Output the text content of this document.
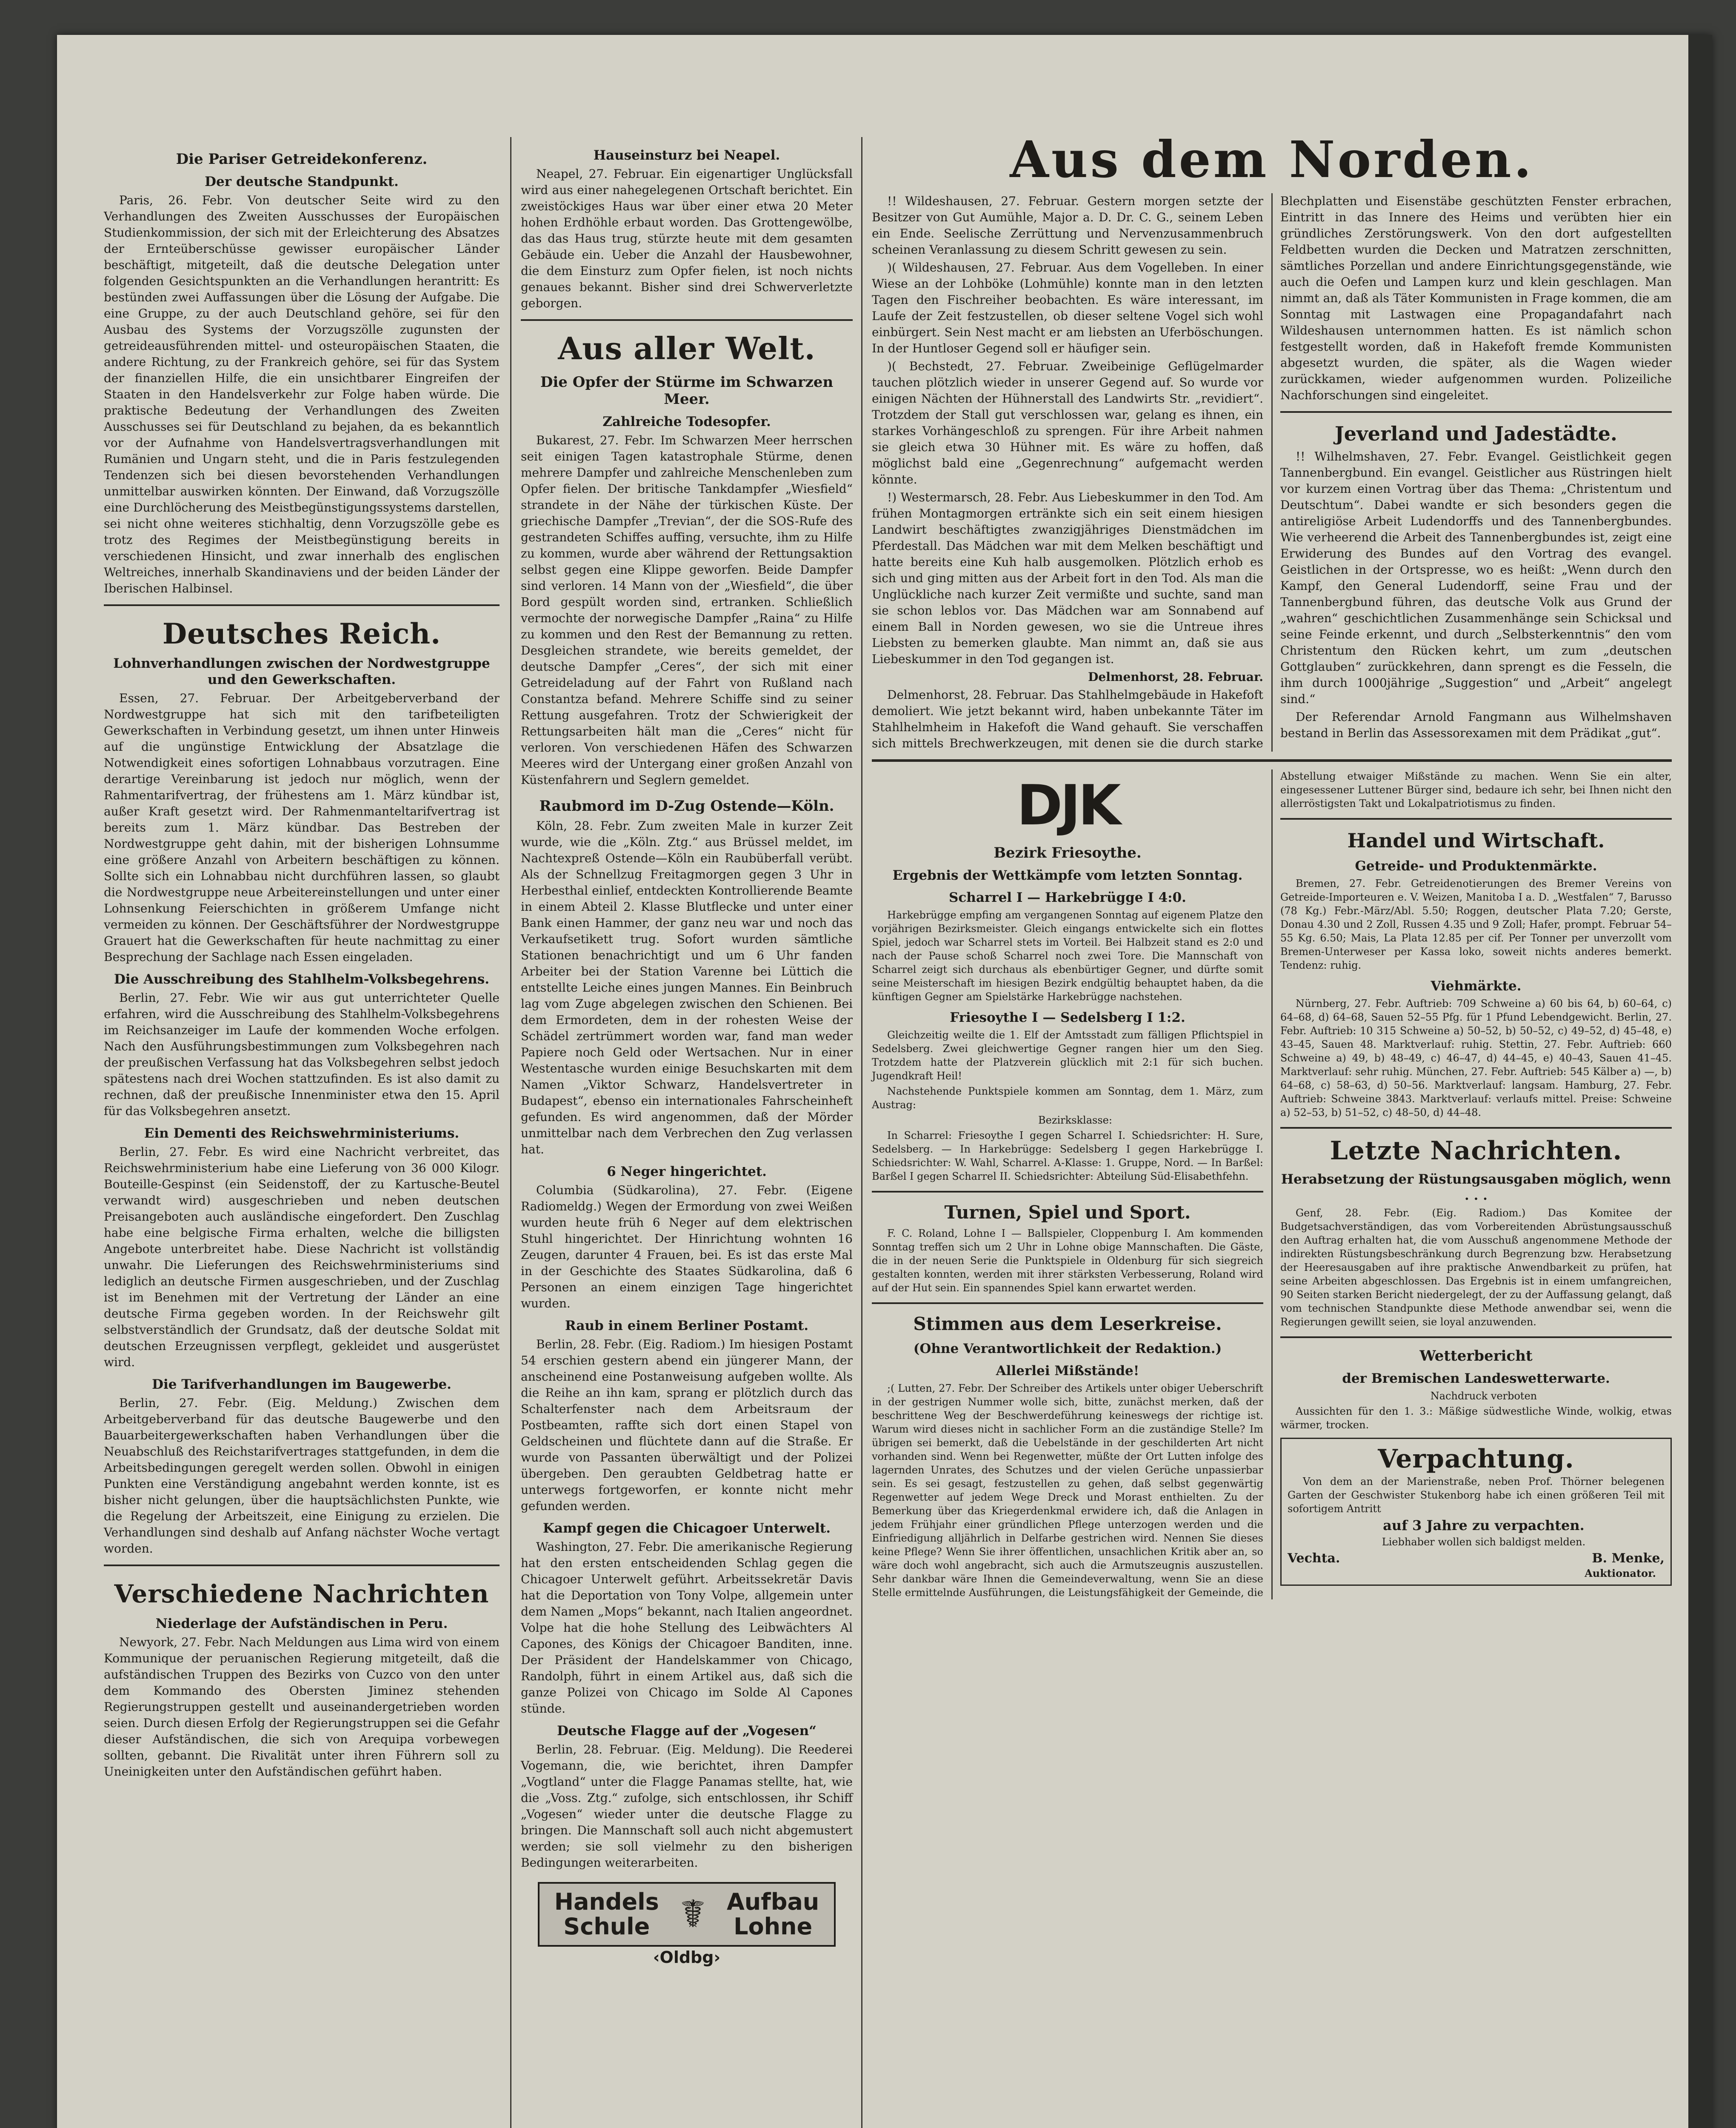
Die Pariser Getreidekonferenz.
Der deutsche Standpunkt.

Paris, 26. Febr. Von deutscher Seite wird zu den Verhandlungen des Zweiten Ausschusses der Europäischen Studienkommission, der sich mit der Erleichterung des Absatzes der Ernteüberschüsse gewisser europäischer Länder beschäftigt, mitgeteilt, daß die deutsche Delegation unter folgenden Gesichtspunkten an die Verhandlungen herantritt: Es bestünden zwei Auffassungen über die Lösung der Aufgabe. Die eine Gruppe, zu der auch Deutschland gehöre, sei für den Ausbau des Systems der Vorzugszölle zugunsten der getreideausführenden mittel- und osteuropäischen Staaten, die andere Richtung, zu der Frankreich gehöre, sei für das System der finanziellen Hilfe, die ein unsichtbarer Eingreifen der Staaten in den Handelsverkehr zur Folge haben würde. Die praktische Bedeutung der Verhandlungen des Zweiten Ausschusses sei für Deutschland zu bejahen, da es bekanntlich vor der Aufnahme von Handelsvertragsverhandlungen mit Rumänien und Ungarn steht, und die in Paris festzulegenden Tendenzen sich bei diesen bevorstehenden Verhandlungen unmittelbar auswirken könnten. Der Einwand, daß Vorzugszölle eine Durchlöcherung des Meistbegünstigungssystems darstellen, sei nicht ohne weiteres stichhaltig, denn Vorzugszölle gebe es trotz des Regimes der Meistbegünstigung bereits in verschiedenen Hinsicht, und zwar innerhalb des englischen Weltreiches, innerhalb Skandinaviens und der beiden Länder der Iberischen Halbinsel.

Deutsches Reich.
Lohnverhandlungen zwischen der Nordwestgruppe und den Gewerkschaften.

Essen, 27. Februar. Der Arbeitgeberverband der Nordwestgruppe hat sich mit den tarifbeteiligten Gewerkschaften in Verbindung gesetzt, um ihnen unter Hinweis auf die ungünstige Entwicklung der Absatzlage die Notwendigkeit eines sofortigen Lohnabbaus vorzutragen. Eine derartige Vereinbarung ist jedoch nur möglich, wenn der Rahmentarifvertrag, der frühestens am 1. März kündbar ist, außer Kraft gesetzt wird. Der Rahmenmanteltarifvertrag ist bereits zum 1. März kündbar. Das Bestreben der Nordwestgruppe geht dahin, mit der bisherigen Lohnsumme eine größere Anzahl von Arbeitern beschäftigen zu können. Sollte sich ein Lohnabbau nicht durchführen lassen, so glaubt die Nordwestgruppe neue Arbeitereinstellungen und unter einer Lohnsenkung Feierschichten in größerem Umfange nicht vermeiden zu können. Der Geschäftsführer der Nordwestgruppe Grauert hat die Gewerkschaften für heute nachmittag zu einer Besprechung der Sachlage nach Essen eingeladen.

Die Ausschreibung des Stahlhelm-Volksbegehrens.

Berlin, 27. Febr. Wie wir aus gut unterrichteter Quelle erfahren, wird die Ausschreibung des Stahlhelm-Volksbegehrens im Reichsanzeiger im Laufe der kommenden Woche erfolgen. Nach den Ausführungsbestimmungen zum Volksbegehren nach der preußischen Verfassung hat das Volksbegehren selbst jedoch spätestens nach drei Wochen stattzufinden. Es ist also damit zu rechnen, daß der preußische Innenminister etwa den 15. April für das Volksbegehren ansetzt.

Ein Dementi des Reichswehrministeriums.

Berlin, 27. Febr. Es wird eine Nachricht verbreitet, das Reichswehrministerium habe eine Lieferung von 36 000 Kilogr. Bouteille-Gespinst (ein Seidenstoff, der zu Kartusche-Beutel verwandt wird) ausgeschrieben und neben deutschen Preisangeboten auch ausländische eingefordert. Den Zuschlag habe eine belgische Firma erhalten, welche die billigsten Angebote unterbreitet habe. Diese Nachricht ist vollständig unwahr. Die Lieferungen des Reichswehrministeriums sind lediglich an deutsche Firmen ausgeschrieben, und der Zuschlag ist im Benehmen mit der Vertretung der Länder an eine deutsche Firma gegeben worden. In der Reichswehr gilt selbstverständlich der Grundsatz, daß der deutsche Soldat mit deutschen Erzeugnissen verpflegt, gekleidet und ausgerüstet wird.

Die Tarifverhandlungen im Baugewerbe.

Berlin, 27. Febr. (Eig. Meldung.) Zwischen dem Arbeitgeberverband für das deutsche Baugewerbe und den Bauarbeitergewerkschaften haben Verhandlungen über die Neuabschluß des Reichstarifvertrages stattgefunden, in dem die Arbeitsbedingungen geregelt werden sollen. Obwohl in einigen Punkten eine Verständigung angebahnt werden konnte, ist es bisher nicht gelungen, über die hauptsächlichsten Punkte, wie die Regelung der Arbeitszeit, eine Einigung zu erzielen. Die Verhandlungen sind deshalb auf Anfang nächster Woche vertagt worden.

Verschiedene Nachrichten
Niederlage der Aufständischen in Peru.

Newyork, 27. Febr. Nach Meldungen aus Lima wird von einem Kommunique der peruanischen Regierung mitgeteilt, daß die aufständischen Truppen des Bezirks von Cuzco von den unter dem Kommando des Obersten Jiminez stehenden Regierungstruppen gestellt und auseinandergetrieben worden seien. Durch diesen Erfolg der Regierungstruppen sei die Gefahr dieser Aufständischen, die sich von Arequipa vorbewegen sollten, gebannt. Die Rivalität unter ihren Führern soll zu Uneinigkeiten unter den Aufständischen geführt haben.

Hauseinsturz bei Neapel.

Neapel, 27. Februar. Ein eigenartiger Unglücksfall wird aus einer nahegelegenen Ortschaft berichtet. Ein zweistöckiges Haus war über einer etwa 20 Meter hohen Erdhöhle erbaut worden. Das Grottengewölbe, das das Haus trug, stürzte heute mit dem gesamten Gebäude ein. Ueber die Anzahl der Hausbewohner, die dem Einsturz zum Opfer fielen, ist noch nichts genaues bekannt. Bisher sind drei Schwerverletzte geborgen.

Aus aller Welt.
Die Opfer der Stürme im Schwarzen Meer.
Zahlreiche Todesopfer.

Bukarest, 27. Febr. Im Schwarzen Meer herrschen seit einigen Tagen katastrophale Stürme, denen mehrere Dampfer und zahlreiche Menschenleben zum Opfer fielen. Der britische Tankdampfer „Wiesfield“ strandete in der Nähe der türkischen Küste. Der griechische Dampfer „Trevian“, der die SOS-Rufe des gestrandeten Schiffes auffing, versuchte, ihm zu Hilfe zu kommen, wurde aber während der Rettungsaktion selbst gegen eine Klippe geworfen. Beide Dampfer sind verloren. 14 Mann von der „Wiesfield“, die über Bord gespült worden sind, ertranken. Schließlich vermochte der norwegische Dampfer „Raina“ zu Hilfe zu kommen und den Rest der Bemannung zu retten. Desgleichen strandete, wie bereits gemeldet, der deutsche Dampfer „Ceres“, der sich mit einer Getreideladung auf der Fahrt von Rußland nach Constantza befand. Mehrere Schiffe sind zu seiner Rettung ausgefahren. Trotz der Schwierigkeit der Rettungsarbeiten hält man die „Ceres“ nicht für verloren. Von verschiedenen Häfen des Schwarzen Meeres wird der Untergang einer großen Anzahl von Küstenfahrern und Seglern gemeldet.

Raubmord im D-Zug Ostende—Köln.

Köln, 28. Febr. Zum zweiten Male in kurzer Zeit wurde, wie die „Köln. Ztg.“ aus Brüssel meldet, im Nachtexpreß Ostende—Köln ein Raubüberfall verübt. Als der Schnellzug Freitagmorgen gegen 3 Uhr in Herbesthal einlief, entdeckten Kontrollierende Beamte in einem Abteil 2. Klasse Blutflecke und unter einer Bank einen Hammer, der ganz neu war und noch das Verkaufsetikett trug. Sofort wurden sämtliche Stationen benachrichtigt und um 6 Uhr fanden Arbeiter bei der Station Varenne bei Lüttich die entstellte Leiche eines jungen Mannes. Ein Beinbruch lag vom Zuge abgelegen zwischen den Schienen. Bei dem Ermordeten, dem in der rohesten Weise der Schädel zertrümmert worden war, fand man weder Papiere noch Geld oder Wertsachen. Nur in einer Westentasche wurden einige Besuchskarten mit dem Namen „Viktor Schwarz, Handelsvertreter in Budapest“, ebenso ein internationales Fahrscheinheft gefunden. Es wird angenommen, daß der Mörder unmittelbar nach dem Verbrechen den Zug verlassen hat.

6 Neger hingerichtet.

Columbia (Südkarolina), 27. Febr. (Eigene Radiomeldg.) Wegen der Ermordung von zwei Weißen wurden heute früh 6 Neger auf dem elektrischen Stuhl hingerichtet. Der Hinrichtung wohnten 16 Zeugen, darunter 4 Frauen, bei. Es ist das erste Mal in der Geschichte des Staates Südkarolina, daß 6 Personen an einem einzigen Tage hingerichtet wurden.

Raub in einem Berliner Postamt.

Berlin, 28. Febr. (Eig. Radiom.) Im hiesigen Postamt 54 erschien gestern abend ein jüngerer Mann, der anscheinend eine Postanweisung aufgeben wollte. Als die Reihe an ihn kam, sprang er plötzlich durch das Schalterfenster nach dem Arbeitsraum der Postbeamten, raffte sich dort einen Stapel von Geldscheinen und flüchtete dann auf die Straße. Er wurde von Passanten überwältigt und der Polizei übergeben. Den geraubten Geldbetrag hatte er unterwegs fortgeworfen, er konnte nicht mehr gefunden werden.

Kampf gegen die Chicagoer Unterwelt.

Washington, 27. Febr. Die amerikanische Regierung hat den ersten entscheidenden Schlag gegen die Chicagoer Unterwelt geführt. Arbeitssekretär Davis hat die Deportation von Tony Volpe, allgemein unter dem Namen „Mops“ bekannt, nach Italien angeordnet. Volpe hat die hohe Stellung des Leibwächters Al Capones, des Königs der Chicagoer Banditen, inne. Der Präsident der Handelskammer von Chicago, Randolph, führt in einem Artikel aus, daß sich die ganze Polizei von Chicago im Solde Al Capones stünde.

Deutsche Flagge auf der „Vogesen“

Berlin, 28. Februar. (Eig. Meldung). Die Reederei Vogemann, die, wie berichtet, ihren Dampfer „Vogtland“ unter die Flagge Panamas stellte, hat, wie die „Voss. Ztg.“ zufolge, sich entschlossen, ihr Schiff „Vogesen“ wieder unter die deutsche Flagge zu bringen. Die Mannschaft soll auch nicht abgemustert werden; sie soll vielmehr zu den bisherigen Bedingungen weiterarbeiten.

Handels
Schule ☤ Aufbau
Lohne
‹Oldbg›
Aus dem Norden.

!! Wildeshausen, 27. Februar. Gestern morgen setzte der Besitzer von Gut Aumühle, Major a. D. Dr. C. G., seinem Leben ein Ende. Seelische Zerrüttung und Nervenzusammenbruch scheinen Veranlassung zu diesem Schritt gewesen zu sein.

)( Wildeshausen, 27. Februar. Aus dem Vogelleben. In einer Wiese an der Lohböke (Lohmühle) konnte man in den letzten Tagen den Fischreiher beobachten. Es wäre interessant, im Laufe der Zeit festzustellen, ob dieser seltene Vogel sich wohl einbürgert. Sein Nest macht er am liebsten an Uferböschungen. In der Huntloser Gegend soll er häufiger sein.

)( Bechstedt, 27. Februar. Zweibeinige Geflügelmarder tauchen plötzlich wieder in unserer Gegend auf. So wurde vor einigen Nächten der Hühnerstall des Landwirts Str. „revidiert“. Trotzdem der Stall gut verschlossen war, gelang es ihnen, ein starkes Vorhängeschloß zu sprengen. Für ihre Arbeit nahmen sie gleich etwa 30 Hühner mit. Es wäre zu hoffen, daß möglichst bald eine „Gegenrechnung“ aufgemacht werden könnte.

!) Westermarsch, 28. Febr. Aus Liebeskummer in den Tod. Am frühen Montagmorgen ertränkte sich ein seit einem hiesigen Landwirt beschäftigtes zwanzigjähriges Dienstmädchen im Pferdestall. Das Mädchen war mit dem Melken beschäftigt und hatte bereits eine Kuh halb ausgemolken. Plötzlich erhob es sich und ging mitten aus der Arbeit fort in den Tod. Als man die Unglückliche nach kurzer Zeit vermißte und suchte, sand man sie schon leblos vor. Das Mädchen war am Sonnabend auf einem Ball in Norden gewesen, wo sie die Untreue ihres Liebsten zu bemerken glaubte. Man nimmt an, daß sie aus Liebeskummer in den Tod gegangen ist.

Delmenhorst, 28. Februar.

Delmenhorst, 28. Februar. Das Stahlhelmgebäude in Hakefoft demoliert. Wie jetzt bekannt wird, haben unbekannte Täter im Stahlhelmheim in Hakefoft die Wand gehauft. Sie verschaffen sich mittels Brechwerkzeugen, mit denen sie die durch starke Blechplatten und Eisenstäbe geschützten Fenster erbrachen, Eintritt in das Innere des Heims und verübten hier ein gründliches Zerstörungswerk. Von den dort aufgestellten Feldbetten wurden die Decken und Matratzen zerschnitten, sämtliches Porzellan und andere Einrichtungsgegenstände, wie auch die Oefen und Lampen kurz und klein geschlagen. Man nimmt an, daß als Täter Kommunisten in Frage kommen, die am Sonntag mit Lastwagen eine Propagandafahrt nach Wildeshausen unternommen hatten. Es ist nämlich schon festgestellt worden, daß in Hakefoft fremde Kommunisten abgesetzt wurden, die später, als die Wagen wieder zurückkamen, wieder aufgenommen wurden. Polizeiliche Nachforschungen sind eingeleitet.

Jeverland und Jadestädte.

!! Wilhelmshaven, 27. Febr. Evangel. Geistlichkeit gegen Tannenbergbund. Ein evangel. Geistlicher aus Rüstringen hielt vor kurzem einen Vortrag über das Thema: „Christentum und Deutschtum“. Dabei wandte er sich besonders gegen die antireligiöse Arbeit Ludendorffs und des Tannenbergbundes. Wie verheerend die Arbeit des Tannenbergbundes ist, zeigt eine Erwiderung des Bundes auf den Vortrag des evangel. Geistlichen in der Ortspresse, wo es heißt: „Wenn durch den Kampf, den General Ludendorff, seine Frau und der Tannenbergbund führen, das deutsche Volk aus Grund der „wahren“ geschichtlichen Zusammenhänge sein Schicksal und seine Feinde erkennt, und durch „Selbsterkenntnis“ den vom Christentum den Rücken kehrt, um zum „deutschen Gottglauben“ zurückkehren, dann sprengt es die Fesseln, die ihm durch 1000jährige „Suggestion“ und „Arbeit“ angelegt sind.“

Der Referendar Arnold Fangmann aus Wilhelmshaven bestand in Berlin das Assessorexamen mit dem Prädikat „gut“.

DJK
Bezirk Friesoythe.
Ergebnis der Wettkämpfe vom letzten Sonntag.
Scharrel I — Harkebrügge I 4:0.

Harkebrügge empfing am vergangenen Sonntag auf eigenem Platze den vorjährigen Bezirksmeister. Gleich eingangs entwickelte sich ein flottes Spiel, jedoch war Scharrel stets im Vorteil. Bei Halbzeit stand es 2:0 und nach der Pause schoß Scharrel noch zwei Tore. Die Mannschaft von Scharrel zeigt sich durchaus als ebenbürtiger Gegner, und dürfte somit seine Meisterschaft im hiesigen Bezirk endgültig behauptet haben, da die künftigen Gegner am Spielstärke Harkebrügge nachstehen.

Friesoythe I — Sedelsberg I 1:2.

Gleichzeitig weilte die 1. Elf der Amtsstadt zum fälligen Pflichtspiel in Sedelsberg. Zwei gleichwertige Gegner rangen hier um den Sieg. Trotzdem hatte der Platzverein glücklich mit 2:1 für sich buchen. Jugendkraft Heil!

Nachstehende Punktspiele kommen am Sonntag, dem 1. März, zum Austrag:

Bezirksklasse:

In Scharrel: Friesoythe I gegen Scharrel I. Schiedsrichter: H. Sure, Sedelsberg. — In Harkebrügge: Sedelsberg I gegen Harkebrügge I. Schiedsrichter: W. Wahl, Scharrel. A-Klasse: 1. Gruppe, Nord. — In Barßel: Barßel I gegen Scharrel II. Schiedsrichter: Abteilung Süd-Elisabethfehn.

Turnen, Spiel und Sport.

F. C. Roland, Lohne I — Ballspieler, Cloppenburg I. Am kommenden Sonntag treffen sich um 2 Uhr in Lohne obige Mannschaften. Die Gäste, die in der neuen Serie die Punktspiele in Oldenburg für sich siegreich gestalten konnten, werden mit ihrer stärksten Verbesserung, Roland wird auf der Hut sein. Ein spannendes Spiel kann erwartet werden.

Stimmen aus dem Leserkreise.
(Ohne Verantwortlichkeit der Redaktion.)
Allerlei Mißstände!

;( Lutten, 27. Febr. Der Schreiber des Artikels unter obiger Ueberschrift in der gestrigen Nummer wolle sich, bitte, zunächst merken, daß der beschrittene Weg der Beschwerdeführung keineswegs der richtige ist. Warum wird dieses nicht in sachlicher Form an die zuständige Stelle? Im übrigen sei bemerkt, daß die Uebelstände in der geschilderten Art nicht vorhanden sind. Wenn bei Regenwetter, müßte der Ort Lutten infolge des lagernden Unrates, des Schutzes und der vielen Gerüche unpassierbar sein. Es sei gesagt, festzustellen zu gehen, daß selbst gegenwärtig Regenwetter auf jedem Wege Dreck und Morast enthielten. Zu der Bemerkung über das Kriegerdenkmal erwidere ich, daß die Anlagen in jedem Frühjahr einer gründlichen Pflege unterzogen werden und die Einfriedigung alljährlich in Delfarbe gestrichen wird. Nennen Sie dieses keine Pflege? Wenn Sie ihrer öffentlichen, unsachlichen Kritik aber an, so wäre doch wohl angebracht, sich auch die Armutszeugnis auszustellen. Sehr dankbar wäre Ihnen die Gemeindeverwaltung, wenn Sie an diese Stelle ermittelnde Ausführungen, die Leistungsfähigkeit der Gemeinde, die Abstellung etwaiger Mißstände zu machen. Wenn Sie ein alter, eingesessener Luttener Bürger sind, bedaure ich sehr, bei Ihnen nicht den allerröstigsten Takt und Lokalpatriotismus zu finden.

Handel und Wirtschaft.
Getreide- und Produktenmärkte.

Bremen, 27. Febr. Getreidenotierungen des Bremer Vereins von Getreide-Importeuren e. V. Weizen, Manitoba I a. D. „Westfalen“ 7, Barusso (78 Kg.) Febr.-März/Abl. 5.50; Roggen, deutscher Plata 7.20; Gerste, Donau 4.30 und 2 Zoll, Russen 4.35 und 9 Zoll; Hafer, prompt. Februar 54–55 Kg. 6.50; Mais, La Plata 12.85 per cif. Per Tonner per unverzollt vom Bremen-Unterweser per Kassa loko, soweit nichts anderes bemerkt. Tendenz: ruhig.

Viehmärkte.

Nürnberg, 27. Febr. Auftrieb: 709 Schweine a) 60 bis 64, b) 60–64, c) 64–68, d) 64–68, Sauen 52–55 Pfg. für 1 Pfund Lebendgewicht. Berlin, 27. Febr. Auftrieb: 10 315 Schweine a) 50–52, b) 50–52, c) 49–52, d) 45–48, e) 43–45, Sauen 48. Marktverlauf: ruhig. Stettin, 27. Febr. Auftrieb: 660 Schweine a) 49, b) 48–49, c) 46–47, d) 44–45, e) 40–43, Sauen 41–45. Marktverlauf: sehr ruhig. München, 27. Febr. Auftrieb: 545 Kälber a) —, b) 64–68, c) 58–63, d) 50–56. Marktverlauf: langsam. Hamburg, 27. Febr. Auftrieb: Schweine 3843. Marktverlauf: verlaufs mittel. Preise: Schweine a) 52–53, b) 51–52, c) 48–50, d) 44–48.

Letzte Nachrichten.
Herabsetzung der Rüstungsausgaben möglich, wenn . . .

Genf, 28. Febr. (Eig. Radiom.) Das Komitee der Budgetsachverständigen, das vom Vorbereitenden Abrüstungsausschuß den Auftrag erhalten hat, die vom Ausschuß angenommene Methode der indirekten Rüstungsbeschränkung durch Begrenzung bzw. Herabsetzung der Heeresausgaben auf ihre praktische Anwendbarkeit zu prüfen, hat seine Arbeiten abgeschlossen. Das Ergebnis ist in einem umfangreichen, 90 Seiten starken Bericht niedergelegt, der zu der Auffassung gelangt, daß vom technischen Standpunkte diese Methode anwendbar sei, wenn die Regierungen gewillt seien, sie loyal anzuwenden.

Wetterbericht
der Bremischen Landeswetterwarte.

Nachdruck verboten

Aussichten für den 1. 3.: Mäßige südwestliche Winde, wolkig, etwas wärmer, trocken.

Verpachtung.

Von dem an der Marienstraße, neben Prof. Thörner belegenen Garten der Geschwister Stukenborg habe ich einen größeren Teil mit sofortigem Antritt

auf 3 Jahre zu verpachten.

Liebhaber wollen sich baldigst melden.

Vechta.	B. Menke,
Auktionator.
